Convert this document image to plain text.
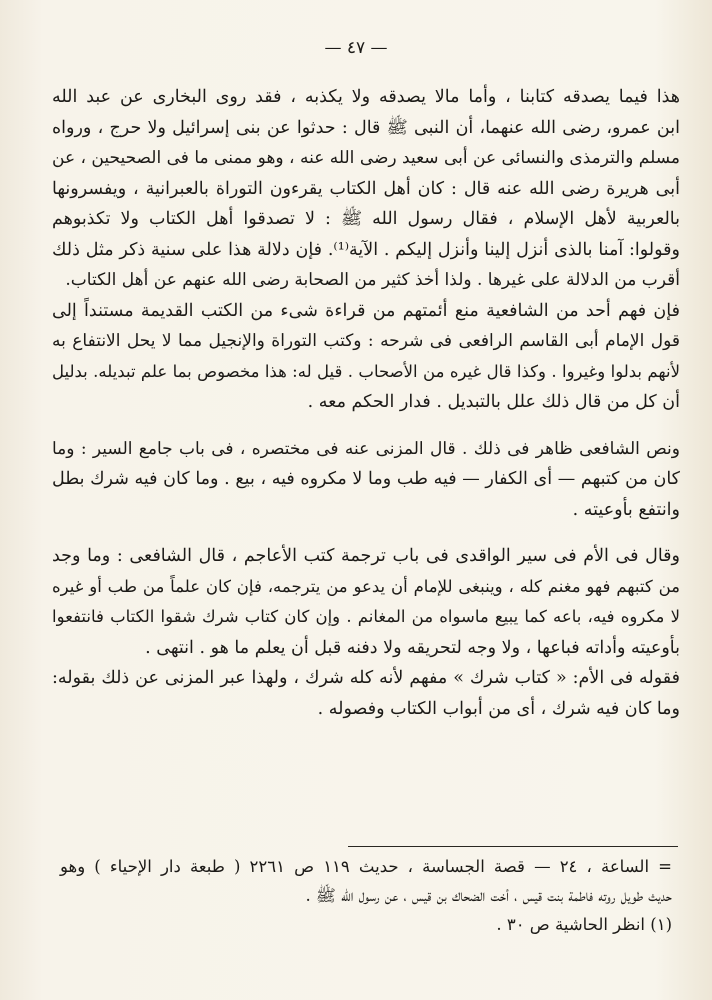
— ٤٧ —
هذا فيما يصدقه كتابنا ، وأما مالا يصدقه ولا يكذبه ، فقد روى البخارى عن عبد الله
ابن عمرو، رضى الله عنهما، أن النبى ﷺ قال : حدثوا عن بنى إسرائيل ولا حرج ، ورواه
مسلم والترمذى والنسائى عن أبى سعيد رضى الله عنه ، وهو ممنى ما فى الصحيحين ، عن
أبى هريرة رضى الله عنه قال : كان أهل الكتاب يقرءون التوراة بالعبرانية ، ويفسرونها
بالعربية لأهل الإسلام ، فقال رسول الله ﷺ : لا تصدقوا أهل الكتاب ولا تكذبوهم
وقولوا: آمنا بالذى أنزل إلينا وأنزل إليكم . الآية⁽¹⁾. فإن دلالة هذا على سنية ذكر مثل ذلك
أقرب من الدلالة على غيرها . ولذا أخذ كثير من الصحابة رضى الله عنهم عن أهل الكتاب.
فإن فهم أحد من الشافعية منع أئمتهم من قراءة شىء من الكتب القديمة مستنداً إلى
قول الإمام أبى القاسم الرافعى فى شرحه : وكتب التوراة والإنجيل مما لا يحل الانتفاع به
لأنهم بدلوا وغيروا . وكذا قال غيره من الأصحاب . قيل له: هذا مخصوص بما علم تبديله. بدليل
أن كل من قال ذلك علل بالتبديل . فدار الحكم معه .
ونص الشافعى ظاهر فى ذلك . قال المزنى عنه فى مختصره ، فى باب جامع السير : وما
كان من كتبهم — أى الكفار — فيه طب وما لا مكروه فيه ، بيع . وما كان فيه شرك بطل
وانتفع بأوعيته .
وقال فى الأم فى سير الواقدى فى باب ترجمة كتب الأعاجم ، قال الشافعى : وما وجد
من كتبهم فهو مغنم كله ، وينبغى للإمام أن يدعو من يترجمه، فإن كان علماً من طب أو غيره
لا مكروه فيه، باعه كما يبيع ماسواه من المغانم . وإن كان كتاب شرك شقوا الكتاب فانتفعوا
بأوعيته وأداته فباعها ، ولا وجه لتحريقه ولا دفنه قبل أن يعلم ما هو . انتهى .
فقوله فى الأم: « كتاب شرك » مفهم لأنه كله شرك ، ولهذا عبر المزنى عن ذلك بقوله:
وما كان فيه شرك ، أى من أبواب الكتاب وفصوله .
= الساعة ، ٢٤ — قصة الجساسة ، حديث ١١٩ ص ٢٢٦١ ( طبعة دار الإحياء ) وهو
حديث طويل روته فاطمة بنت قيس ، أخت الضحاك بن قيس ، عن رسول الله ﷺ .
(١) انظر الحاشية ص ٣٠ .
